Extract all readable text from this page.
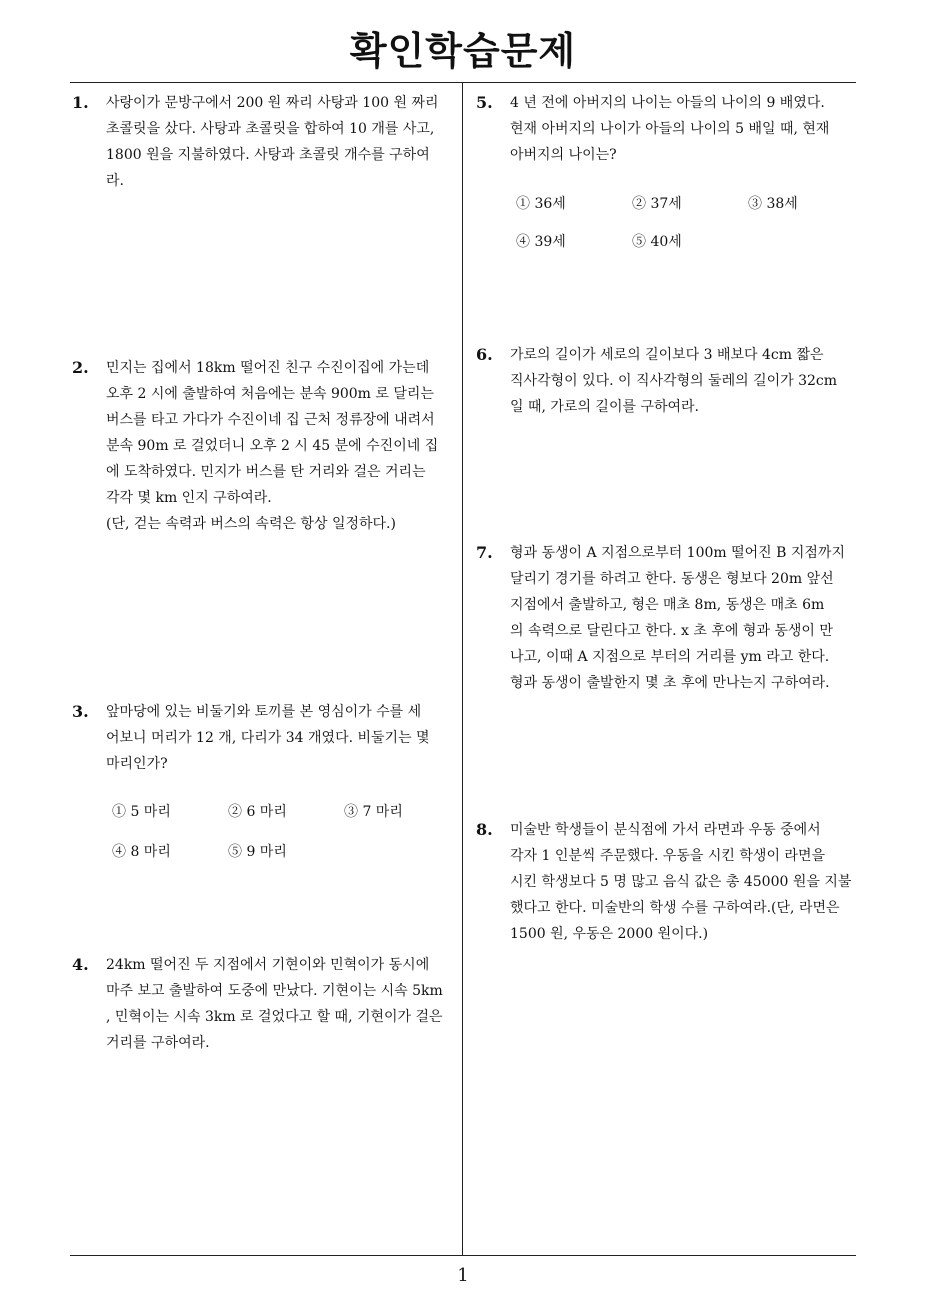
확인학습문제
1
1. 사랑이가 문방구에서 200 원 짜리 사탕과 100 원 짜리
초콜릿을 샀다. 사탕과 초콜릿을 합하여 10 개를 사고,
1800 원을 지불하였다. 사탕과 초콜릿 개수를 구하여
라.
2. 민지는 집에서 18km 떨어진 친구 수진이집에 가는데
오후 2 시에 출발하여 처음에는 분속 900m 로 달리는
버스를 타고 가다가 수진이네 집 근처 정류장에 내려서
분속 90m 로 걸었더니 오후 2 시 45 분에 수진이네 집
에 도착하였다. 민지가 버스를 탄 거리와 걸은 거리는
각각 몇 km 인지 구하여라.
(단, 걷는 속력과 버스의 속력은 항상 일정하다.)
3. 앞마당에 있는 비둘기와 토끼를 본 영심이가 수를 세
어보니 머리가 12 개, 다리가 34 개였다. 비둘기는 몇
마리인가?
① 5 마리	② 6 마리	③ 7 마리
④ 8 마리	⑤ 9 마리
4. 24km 떨어진 두 지점에서 기현이와 민혁이가 동시에
마주 보고 출발하여 도중에 만났다. 기현이는 시속 5km
, 민혁이는 시속 3km 로 걸었다고 할 때, 기현이가 걸은
거리를 구하여라.
5. 4 년 전에 아버지의 나이는 아들의 나이의 9 배였다.
현재 아버지의 나이가 아들의 나이의 5 배일 때, 현재
아버지의 나이는?
① 36세	② 37세	③ 38세
④ 39세	⑤ 40세
6. 가로의 길이가 세로의 길이보다 3 배보다 4cm 짧은
직사각형이 있다. 이 직사각형의 둘레의 길이가 32cm
일 때, 가로의 길이를 구하여라.
7. 형과 동생이 A 지점으로부터 100m 떨어진 B 지점까지
달리기 경기를 하려고 한다. 동생은 형보다 20m 앞선
지점에서 출발하고, 형은 매초 8m, 동생은 매초 6m
의 속력으로 달린다고 한다. x 초 후에 형과 동생이 만
나고, 이때 A 지점으로 부터의 거리를 ym 라고 한다.
형과 동생이 출발한지 몇 초 후에 만나는지 구하여라.
8. 미술반 학생들이 분식점에 가서 라면과 우동 중에서
각자 1 인분씩 주문했다. 우동을 시킨 학생이 라면을
시킨 학생보다 5 명 많고 음식 값은 총 45000 원을 지불
했다고 한다. 미술반의 학생 수를 구하여라.(단, 라면은
1500 원, 우동은 2000 원이다.)
